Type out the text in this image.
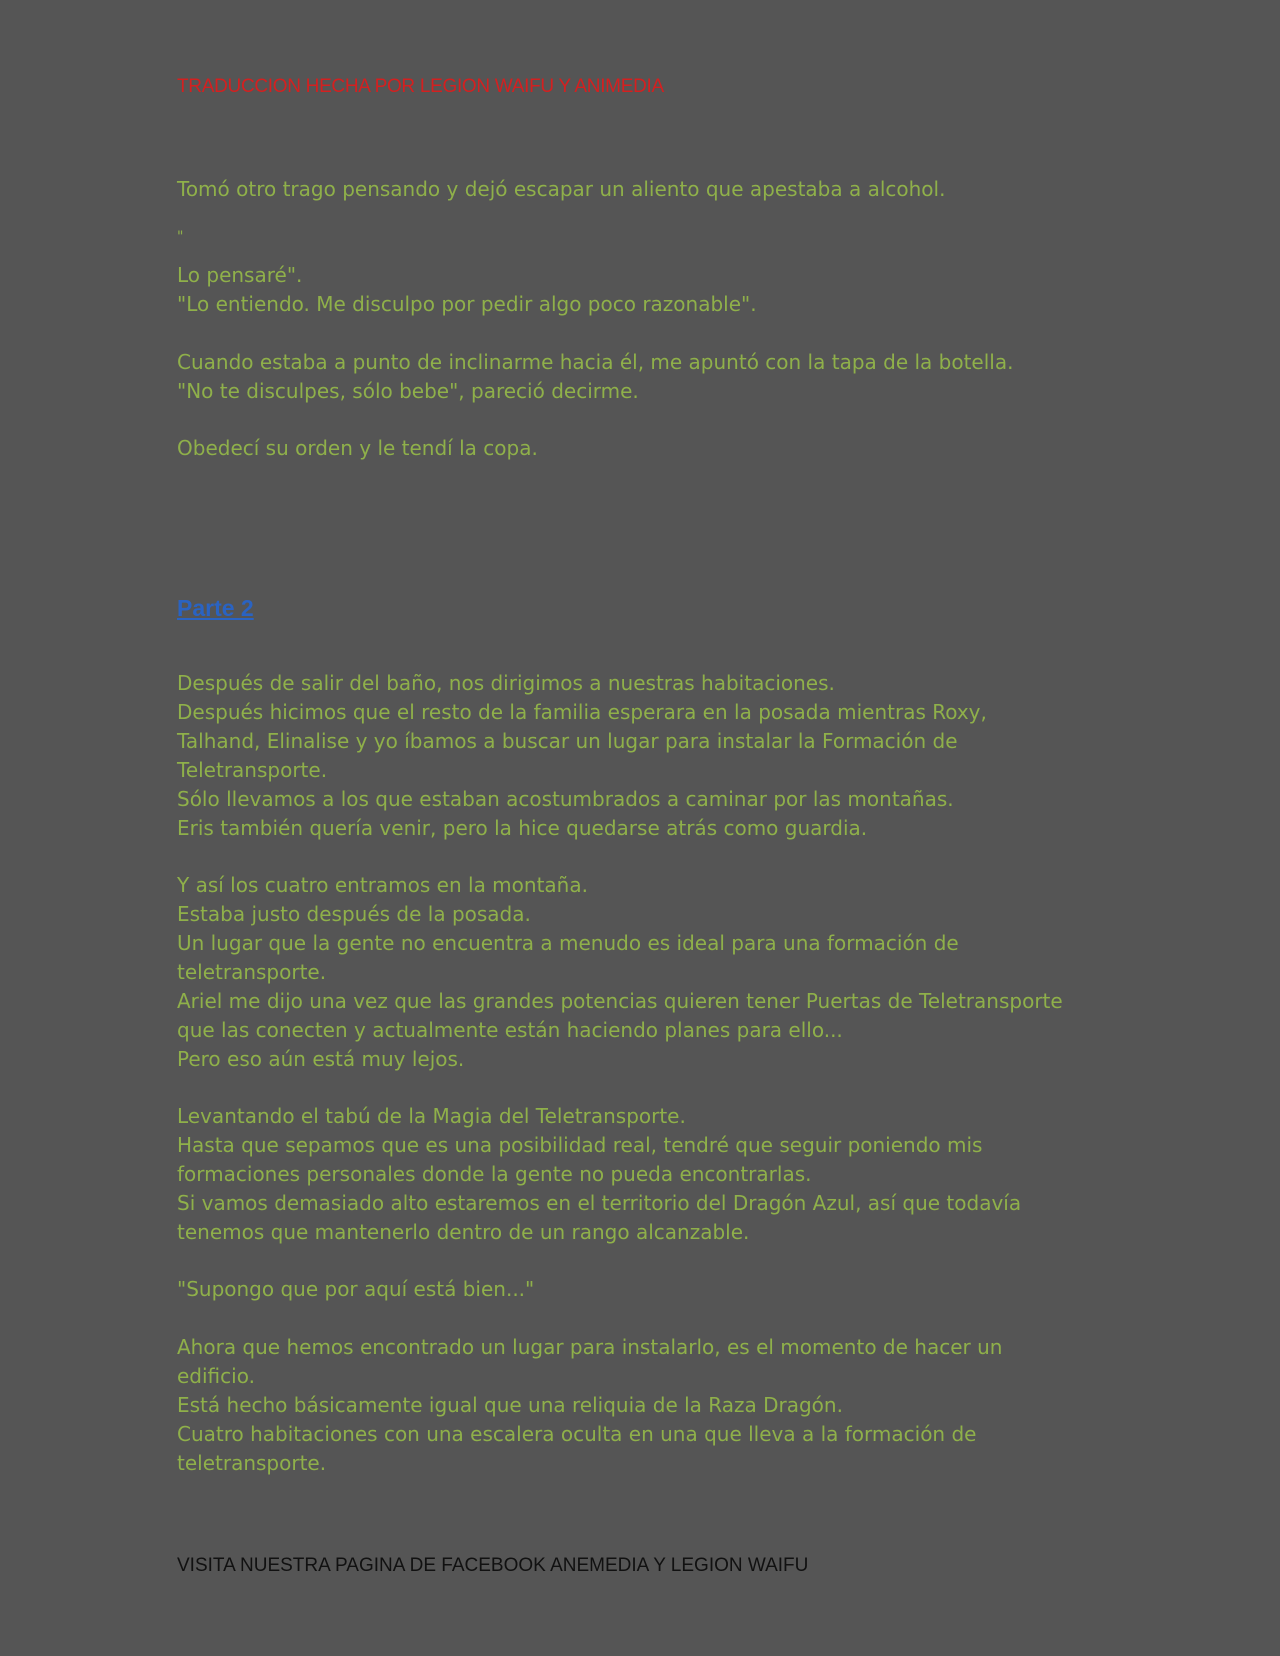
TRADUCCION HECHA POR LEGION WAIFU Y ANIMEDIA
Tomó otro trago pensando y dejó escapar un aliento que apestaba a alcohol.
"
Lo pensaré".
"Lo entiendo. Me disculpo por pedir algo poco razonable".
Cuando estaba a punto de inclinarme hacia él, me apuntó con la tapa de la botella.
"No te disculpes, sólo bebe", pareció decirme.
Obedecí su orden y le tendí la copa.
Parte 2
Después de salir del baño, nos dirigimos a nuestras habitaciones.
Después hicimos que el resto de la familia esperara en la posada mientras Roxy,
Talhand, Elinalise y yo íbamos a buscar un lugar para instalar la Formación de
Teletransporte.
Sólo llevamos a los que estaban acostumbrados a caminar por las montañas.
Eris también quería venir, pero la hice quedarse atrás como guardia.
Y así los cuatro entramos en la montaña.
Estaba justo después de la posada.
Un lugar que la gente no encuentra a menudo es ideal para una formación de
teletransporte.
Ariel me dijo una vez que las grandes potencias quieren tener Puertas de Teletransporte
que las conecten y actualmente están haciendo planes para ello...
Pero eso aún está muy lejos.
Levantando el tabú de la Magia del Teletransporte.
Hasta que sepamos que es una posibilidad real, tendré que seguir poniendo mis
formaciones personales donde la gente no pueda encontrarlas.
Si vamos demasiado alto estaremos en el territorio del Dragón Azul, así que todavía
tenemos que mantenerlo dentro de un rango alcanzable.
"Supongo que por aquí está bien..."
Ahora que hemos encontrado un lugar para instalarlo, es el momento de hacer un
edificio.
Está hecho básicamente igual que una reliquia de la Raza Dragón.
Cuatro habitaciones con una escalera oculta en una que lleva a la formación de
teletransporte.
VISITA NUESTRA PAGINA DE FACEBOOK ANEMEDIA Y LEGION WAIFU
